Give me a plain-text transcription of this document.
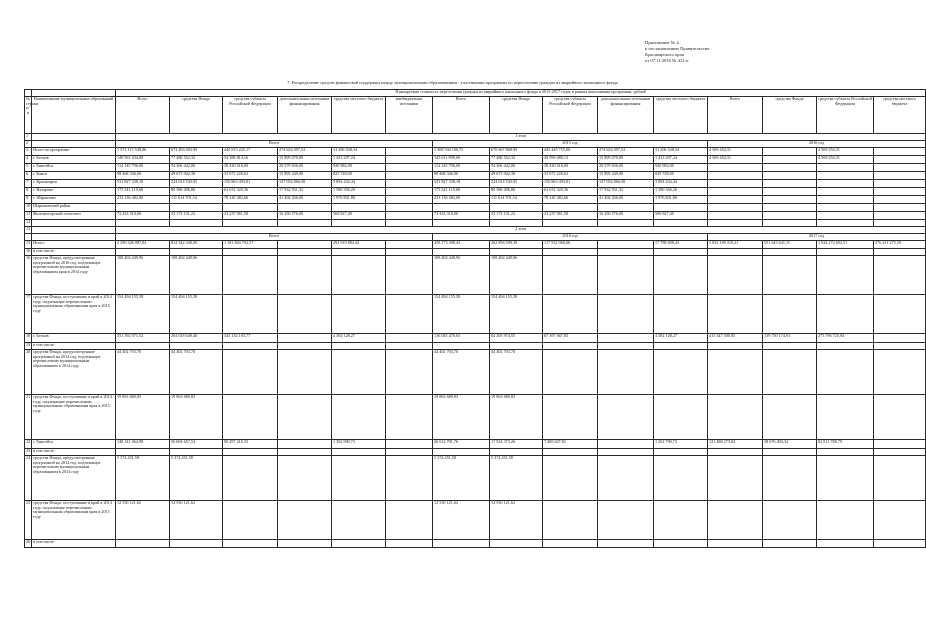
Приложение № 4
к постановлению Правительства
Красноярского края
от 07.11.2016 № 412-п
7. Распределение средств финансовой поддержки между муниципальными образованиями - участниками программы по переселению граждан из аварийного жилищного фонда
		Планируемая стоимость переселения граждан из аварийного жилищного фонда в 2015-2017 годах в рамках выполнения программы, рублей														
№ строки п/п	Наименование муниципальных образований	Всего	средства Фонда	средства субъекта Российской Федерации	дополнительные источники финансирования	средства местного бюджета	внебюджетные источники	Всего	средства Фонда	средства субъекта Российской Федерации	дополнительные источники финансирования	средства местного бюджета	Всего	средства Фонда	средства субъекта Российской Федерации	средства местного бюджета
1		1 этап														
2		Всего						2015 год					2016 год			
3	Итого по программе	1 573 113 549,06	673 403 003,99	440 815 225,17	274 632 097,52	31 206 548,34		1 308 544 106,75	670 667 868,99	443 445 755,06	274 632 097,52	31 206 548,34	4 569 454,31		4 569 454,31	
4	г. Бегнов	149 561 434,00	77 488 552,32	54 188 814,16	15 899 070,00	1 433 297,24		145 011 999,69	77 488 552,32	49 599 080,13	15 899 070,00	1 433 297,24	4 569 454,31		4 569 454,31	
5	г. Енисейск	114 145 796,00	54 306 442,00	38 320 616,00	20 579 656,00	940 982,00		114 145 796,00	54 306 442,00	38 320 616,00	20 579 656,00	940 982,00				
6	г. Канск	98 468 346,00	49 673 942,38	33 073 226,62	15 895 249,00	825 728,00		98 468 346,00	49 673 942,38	33 073 226,62	15 895 249,00	825 728,00				
7	г. Красноярск	531 827 338,18	224 014 543,95	156 863 493,81	147 054 866,50	3 894 434,44		531 827 338,18	224 014 543,95	156 863 493,81	147 054 866,50	3 894 434,44				
8	г. Назарово	175 541 110,68	80 396 496,80	63 631 320,36	17 932 931,32	1 580 356,20		175 541 110,68	80 396 496,80	63 631 320,36	17 932 931,32	1 580 356,20				
9	г. Шарыпово	233 136 482,00	111 614 701,54	78 120 482,66	41 404 436,00	1 976 831,80		233 136 482,00	111 614 701,54	78 120 482,66	41 404 436,00	1 976 831,80				
10	Шарыповский район															
11	Железногорский сельсовет	73 433 310,00	33 172 131,22	23 237 961,58	16 450 576,00	569 827,40		73 433 310,00	33 172 131,22	23 237 961,58	16 450 576,00	569 827,40				
12																
13		2 этап														
		Всего						2016 год					2017 год			
15	Итого:	2 290 326 987,84	814 342 340,09	1 181 804 702,57		292 919 884,42		458 173 308,43	262 856 599,38	117 532 960,66		17 788 008,43	1 832 199 319,21	551 643 641,11	1 024 272 602,51	276 211 275,59
16	в том числе:															
16	средства Фонда, предусмотренные программой на 2016 год, подлежащие перечислению муниципальным образованиям края в 2014 году	108 402 449,96	108 402 449,96					108 402 449,96	108 402 449,96							
17	средства Фонда, поступившие в край в 2014 году, подлежащие перечислению муниципальным образованиям края в 2015 году	154 494 155,58	154 494 155,58					154 494 155,58	154 494 155,58							
18	г. Бегнов	551 392 971,52	204 018 649,46	343 134 103,77		4 302 128,27		136 045 470,65	64 265 974,55	67 397 667,83		4 382 128,27	415 347 500,85	139 750 174,91	275 796 725,94	
19	в том числе:															
20	средства Фонда, предусмотренные программой на 2014 год, подлежащие перечислению муниципальным образованиям в 2014 году	44 402 703,70	44 402 703,70					44 402 703,70	44 402 703,70							
21	средства Фонда, поступившие в край в 2014 году, подлежащие перечислению муниципальным образованиям края в 2015 году	19 863 680,83	19 863 680,83					19 863 680,83	19 863 680,83							
22	г. Енисейск	148 141 064,98	56 604 657,54	90 297 416,33		1 302 990,73		26 612 791,76	17 924 373,26	7 485 627,81		1 202 790,73	121 488 273,04	38 676 494,34	82 811 788,79	
23	в том числе:															
24	средства Фонда, предусмотренные программой на 2014 год, подлежащие перечислению муниципальным образованиям в 2014 году	5 374 451,58	5 374 451,58					5 374 451,58	5 374 451,58							
25	средства Фонда, поступившие в край в 2014 году, подлежащие перечислению муниципальным образованиям края в 2015 году	12 550 121,62	12 550 121,62					12 550 121,62	12 550 121,62							
26	в том числе:															
